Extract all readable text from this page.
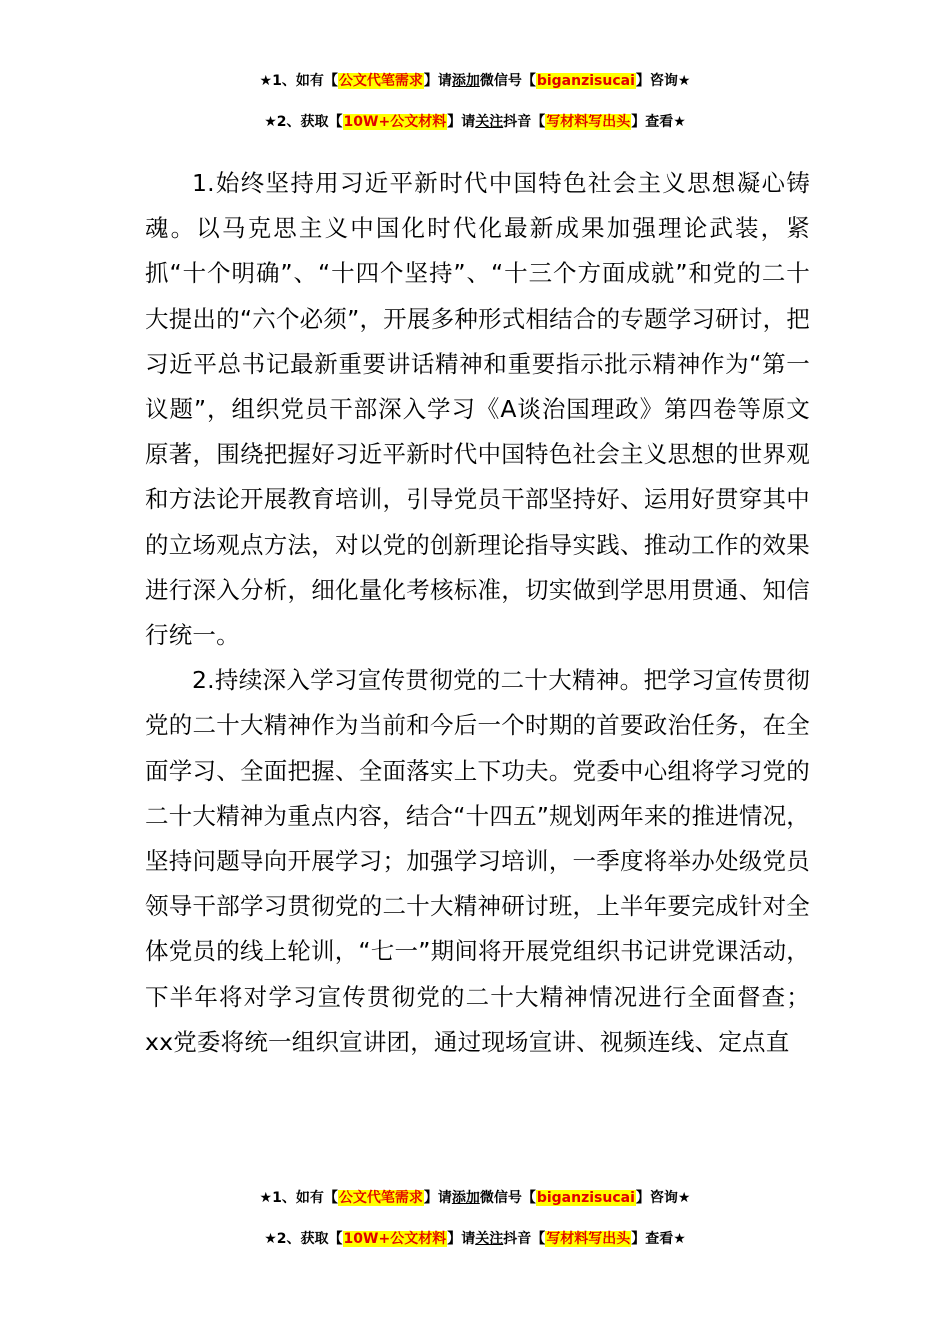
★1、如有【公文代笔需求】请添加微信号【biganzisucai】咨询★
★2、获取【10W+公文材料】请关注抖音【写材料写出头】查看★

1.始终坚持用习近平新时代中国特色社会主义思想凝心铸魂。以马克思主义中国化时代化最新成果加强理论武装，紧抓“十个明确”、“十四个坚持”、“十三个方面成就”和党的二十大提出的“六个必须”，开展多种形式相结合的专题学习研讨，把习近平总书记最新重要讲话精神和重要指示批示精神作为“第一议题”，组织党员干部深入学习《A谈治国理政》第四卷等原文原著，围绕把握好习近平新时代中国特色社会主义思想的世界观和方法论开展教育培训，引导党员干部坚持好、运用好贯穿其中的立场观点方法，对以党的创新理论指导实践、推动工作的效果进行深入分析，细化量化考核标准，切实做到学思用贯通、知信行统一。

2.持续深入学习宣传贯彻党的二十大精神。把学习宣传贯彻党的二十大精神作为当前和今后一个时期的首要政治任务，在全面学习、全面把握、全面落实上下功夫。党委中心组将学习党的二十大精神为重点内容，结合“十四五”规划两年来的推进情况，坚持问题导向开展学习；加强学习培训，一季度将举办处级党员领导干部学习贯彻党的二十大精神研讨班，上半年要完成针对全体党员的线上轮训，“七一”期间将开展党组织书记讲党课活动，下半年将对学习宣传贯彻党的二十大精神情况进行全面督查；xx党委将统一组织宣讲团，通过现场宣讲、视频连线、定点直

★1、如有【公文代笔需求】请添加微信号【biganzisucai】咨询★
★2、获取【10W+公文材料】请关注抖音【写材料写出头】查看★
